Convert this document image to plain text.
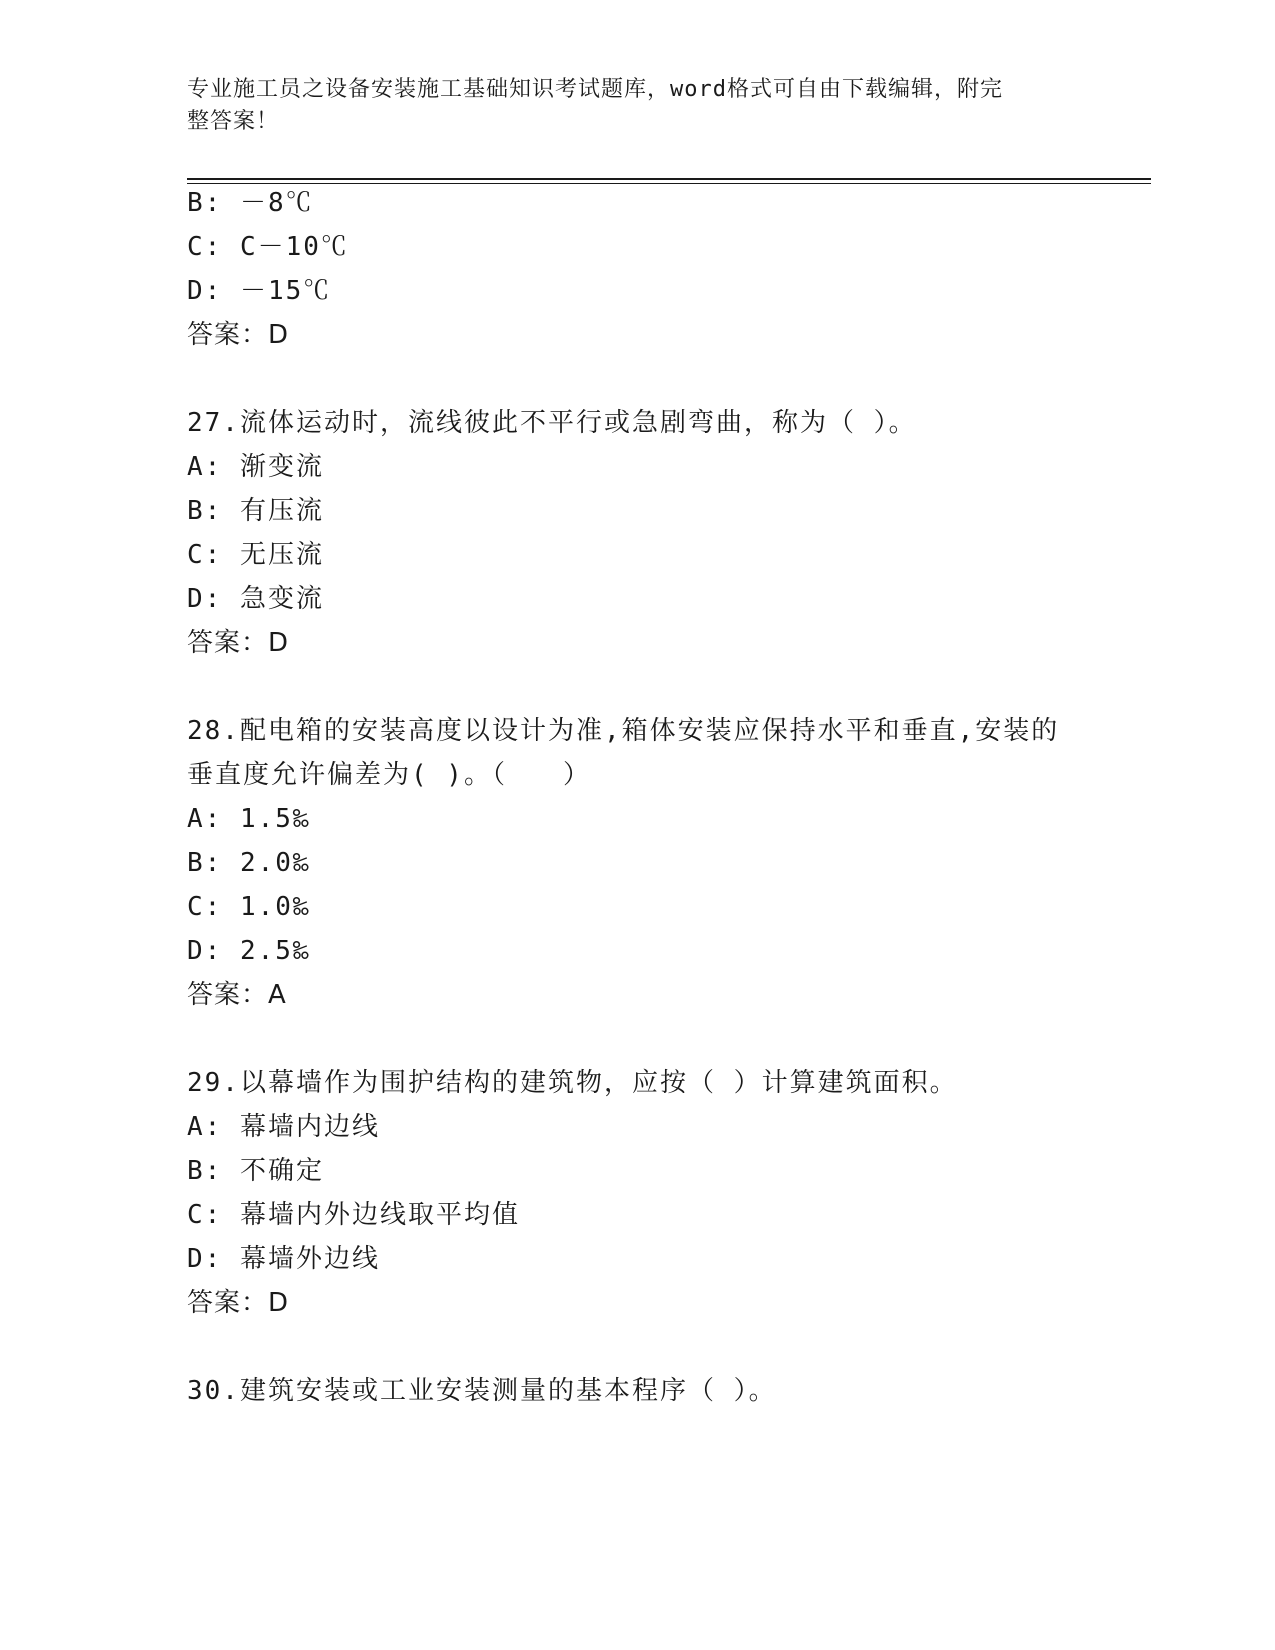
专业施工员之设备安装施工基础知识考试题库，word格式可自由下载编辑，附完
整答案！
B: －8℃
C: C－10℃
D: －15℃
答案：D
27.流体运动时，流线彼此不平行或急剧弯曲，称为（ ）。
A: 渐变流
B: 有压流
C: 无压流
D: 急变流
答案：D
28.配电箱的安装高度以设计为准,箱体安装应保持水平和垂直,安装的
垂直度允许偏差为( )。（　　）
A: 1.5‰
B: 2.0‰
C: 1.0‰
D: 2.5‰
答案：A
29.以幕墙作为围护结构的建筑物，应按（ ）计算建筑面积。
A: 幕墙内边线
B: 不确定
C: 幕墙内外边线取平均值
D: 幕墙外边线
答案：D
30.建筑安装或工业安装测量的基本程序（ ）。
